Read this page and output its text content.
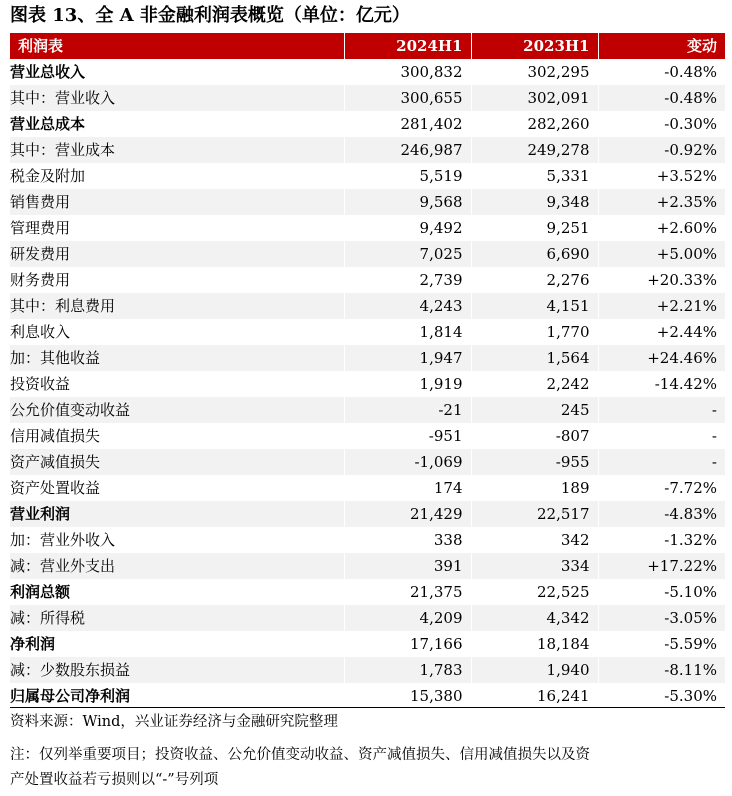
图表 13、全 A 非金融利润表概览（单位：亿元）
利润表	2024H1	2023H1	变动
营业总收入	300,832	302,295	-0.48%
其中：营业收入	300,655	302,091	-0.48%
营业总成本	281,402	282,260	-0.30%
其中：营业成本	246,987	249,278	-0.92%
税金及附加	5,519	5,331	+3.52%
销售费用	9,568	9,348	+2.35%
管理费用	9,492	9,251	+2.60%
研发费用	7,025	6,690	+5.00%
财务费用	2,739	2,276	+20.33%
其中：利息费用	4,243	4,151	+2.21%
利息收入	1,814	1,770	+2.44%
加：其他收益	1,947	1,564	+24.46%
投资收益	1,919	2,242	-14.42%
公允价值变动收益	-21	245	-
信用减值损失	-951	-807	-
资产减值损失	-1,069	-955	-
资产处置收益	174	189	-7.72%
营业利润	21,429	22,517	-4.83%
加：营业外收入	338	342	-1.32%
减：营业外支出	391	334	+17.22%
利润总额	21,375	22,525	-5.10%
减：所得税	4,209	4,342	-3.05%
净利润	17,166	18,184	-5.59%
减：少数股东损益	1,783	1,940	-8.11%
归属母公司净利润	15,380	16,241	-5.30%
资料来源：Wind，兴业证券经济与金融研究院整理
注：仅列举重要项目；投资收益、公允价值变动收益、资产减值损失、信用减值损失以及资
产处置收益若亏损则以“-”号列项
